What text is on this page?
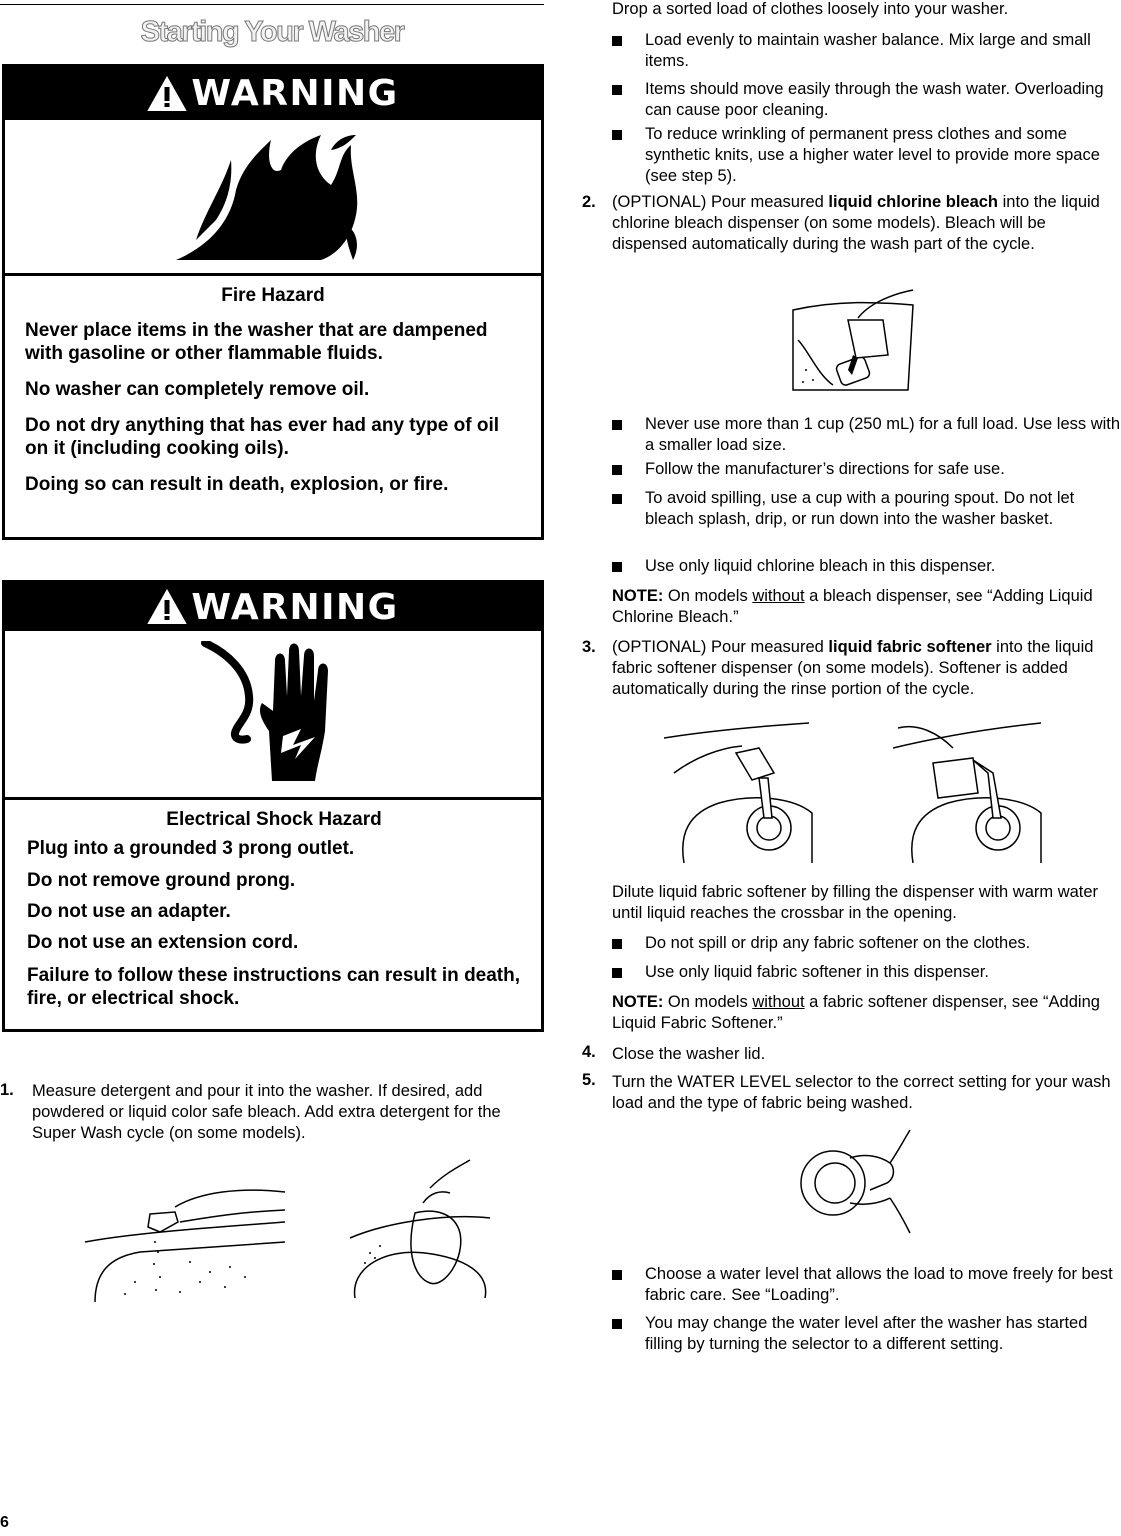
Starting Your Washer
WARNING
Fire Hazard

Never place items in the washer that are dampened with gasoline or other flammable fluids.

No washer can completely remove oil.

Do not dry anything that has ever had any type of oil on it (including cooking oils).

Doing so can result in death, explosion, or fire.

WARNING
Electrical Shock Hazard

Plug into a grounded 3 prong outlet.

Do not remove ground prong.

Do not use an adapter.

Do not use an extension cord.

Failure to follow these instructions can result in death, fire, or electrical shock.

1. Measure detergent and pour it into the washer. If desired, add powdered or liquid color safe bleach. Add extra detergent for the Super Wash cycle (on some models).
Drop a sorted load of clothes loosely into your washer.
Load evenly to maintain washer balance. Mix large and small items.
Items should move easily through the wash water. Overloading can cause poor cleaning.
To reduce wrinkling of permanent press clothes and some synthetic knits, use a higher water level to provide more space (see step 5).
2. (OPTIONAL) Pour measured liquid chlorine bleach into the liquid chlorine bleach dispenser (on some models). Bleach will be dispensed automatically during the wash part of the cycle.
Never use more than 1 cup (250 mL) for a full load. Use less with a smaller load size.
Follow the manufacturer’s directions for safe use.
To avoid spilling, use a cup with a pouring spout. Do not let bleach splash, drip, or run down into the washer basket.
Use only liquid chlorine bleach in this dispenser.
NOTE: On models without a bleach dispenser, see “Adding Liquid Chlorine Bleach.”
3. (OPTIONAL) Pour measured liquid fabric softener into the liquid fabric softener dispenser (on some models). Softener is added automatically during the rinse portion of the cycle.
Dilute liquid fabric softener by filling the dispenser with warm water until liquid reaches the crossbar in the opening.
Do not spill or drip any fabric softener on the clothes.
Use only liquid fabric softener in this dispenser.
NOTE: On models without a fabric softener dispenser, see “Adding Liquid Fabric Softener.”
4. Close the washer lid.
5. Turn the WATER LEVEL selector to the correct setting for your wash load and the type of fabric being washed.
Choose a water level that allows the load to move freely for best fabric care. See “Loading”.
You may change the water level after the washer has started filling by turning the selector to a different setting.
6
